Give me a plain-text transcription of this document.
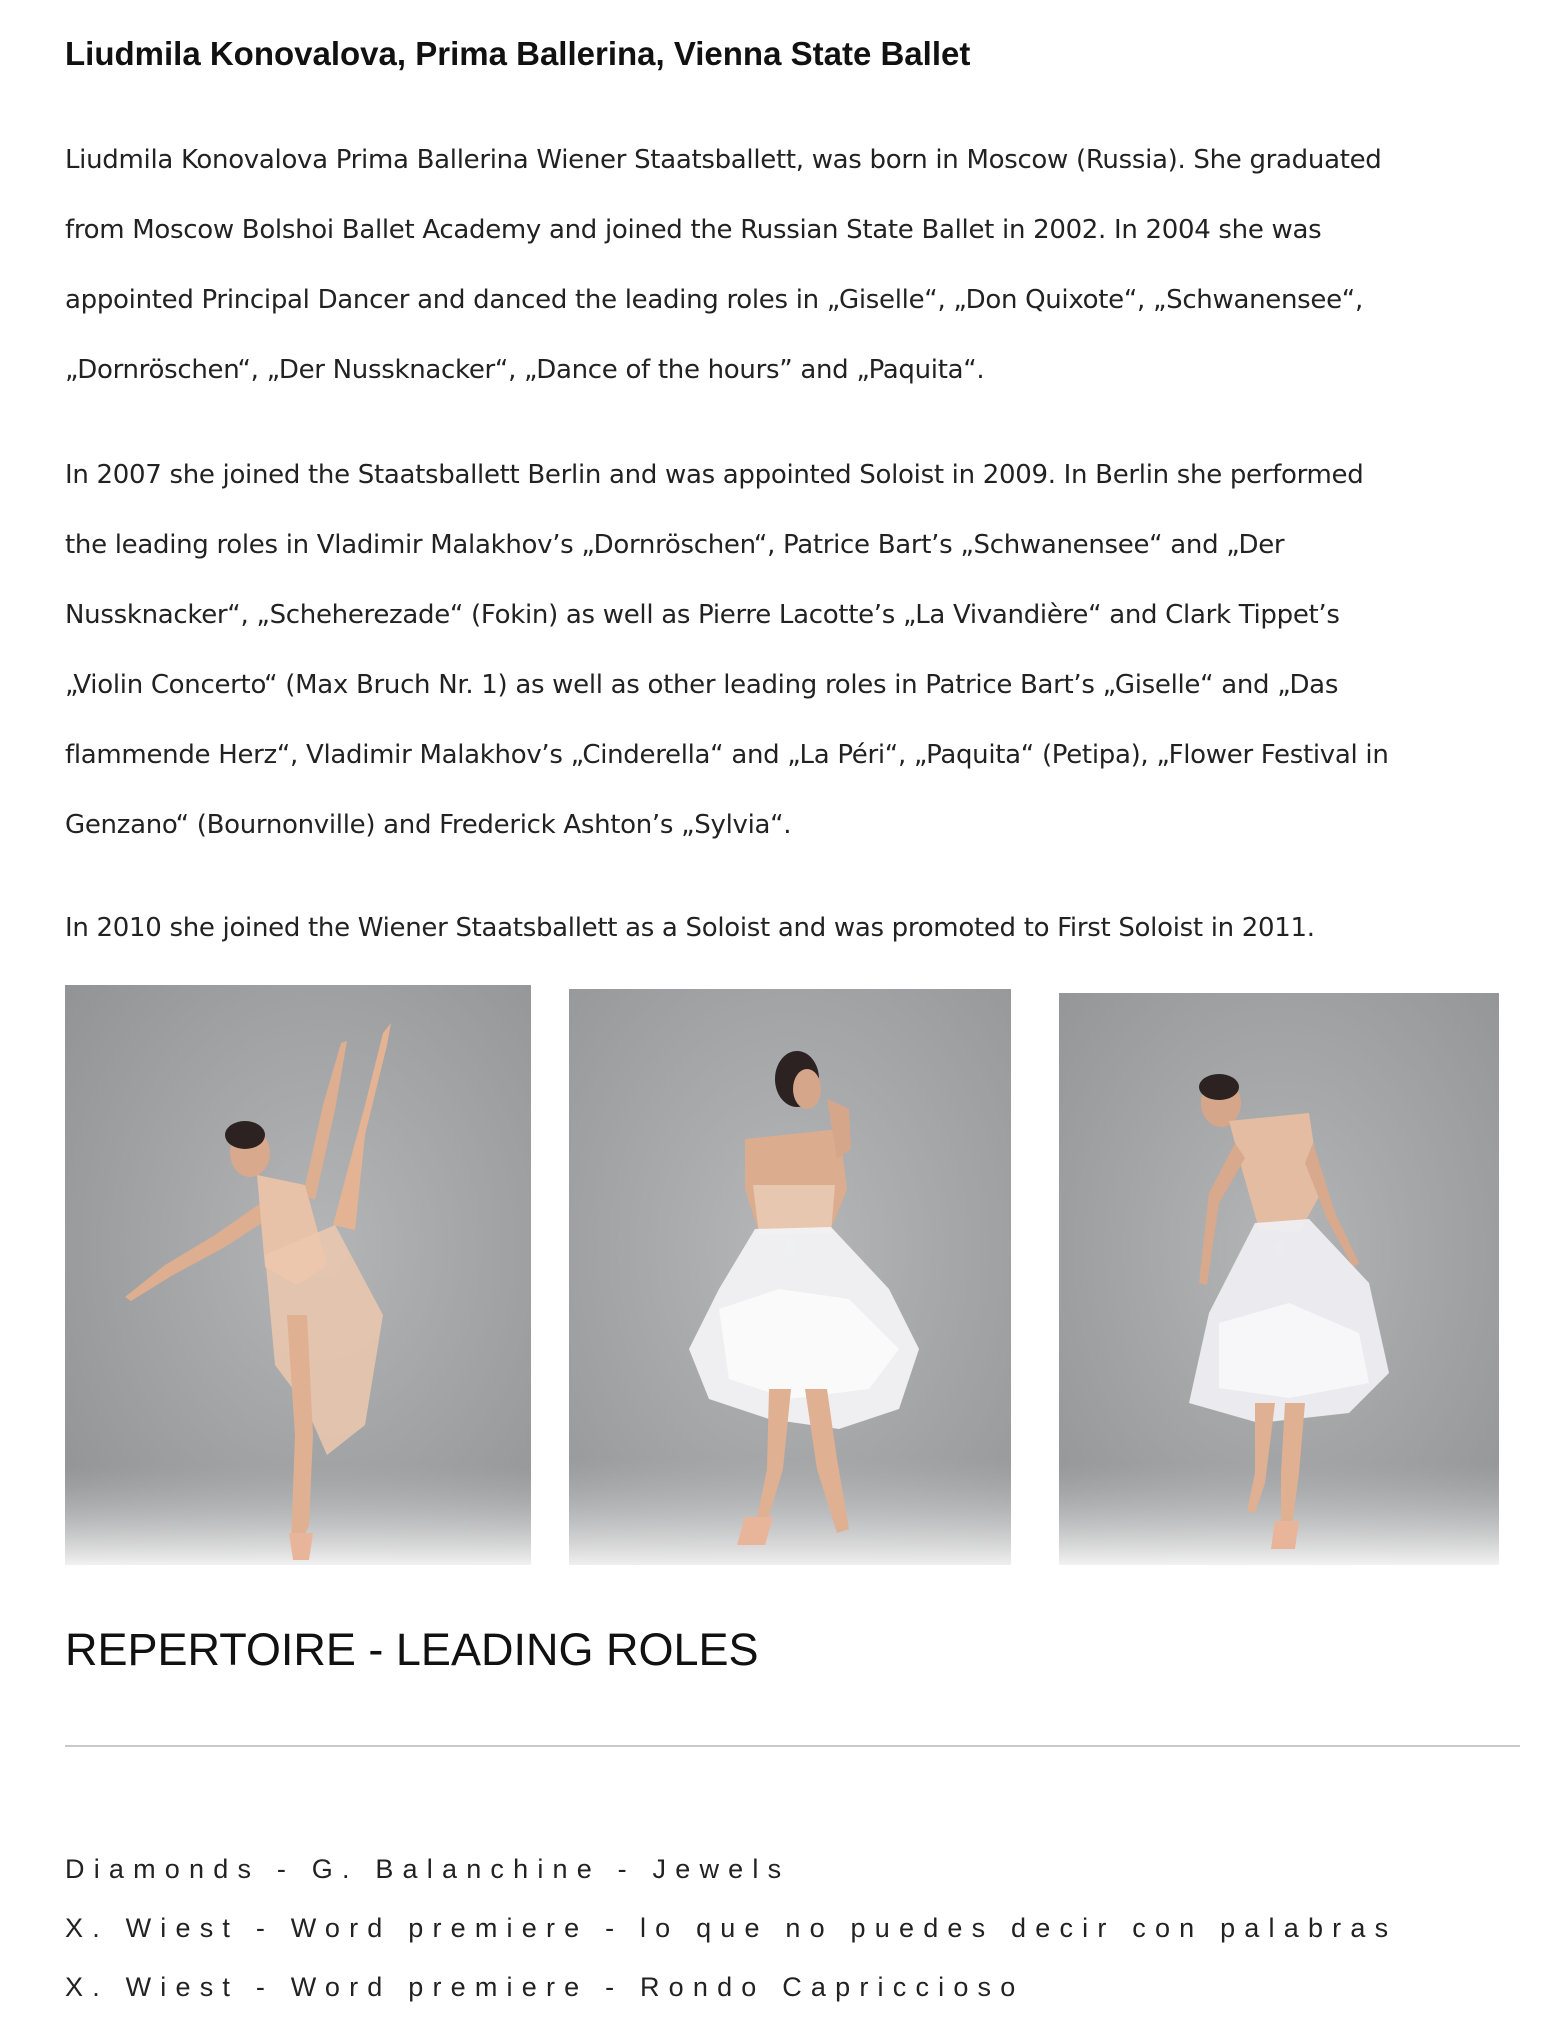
Liudmila Konovalova, Prima Ballerina, Vienna State Ballet

Liudmila Konovalova Prima Ballerina Wiener Staatsballett, was born in Moscow (Russia). She graduated
from Moscow Bolshoi Ballet Academy and joined the Russian State Ballet in 2002. In 2004 she was
appointed Principal Dancer and danced the leading roles in „Giselle“, „Don Quixote“, „Schwanensee“,
„Dornröschen“, „Der Nussknacker“, „Dance of the hours” and „Paquita“.

In 2007 she joined the Staatsballett Berlin and was appointed Soloist in 2009. In Berlin she performed
the leading roles in Vladimir Malakhov’s „Dornröschen“, Patrice Bart’s „Schwanensee“ and „Der
Nussknacker“, „Scheherezade“ (Fokin) as well as Pierre Lacotte’s „La Vivandière“ and Clark Tippet’s
„Violin Concerto“ (Max Bruch Nr. 1) as well as other leading roles in Patrice Bart’s „Giselle“ and „Das
flammende Herz“, Vladimir Malakhov’s „Cinderella“ and „La Péri“, „Paquita“ (Petipa), „Flower Festival in
Genzano“ (Bournonville) and Frederick Ashton’s „Sylvia“.

In 2010 she joined the Wiener Staatsballett as a Soloist and was promoted to First Soloist in 2011.

REPERTOIRE - LEADING ROLES
Diamonds - G. Balanchine - Jewels
X. Wiest - Word premiere - lo que no puedes decir con palabras
X. Wiest - Word premiere - Rondo Capriccioso
